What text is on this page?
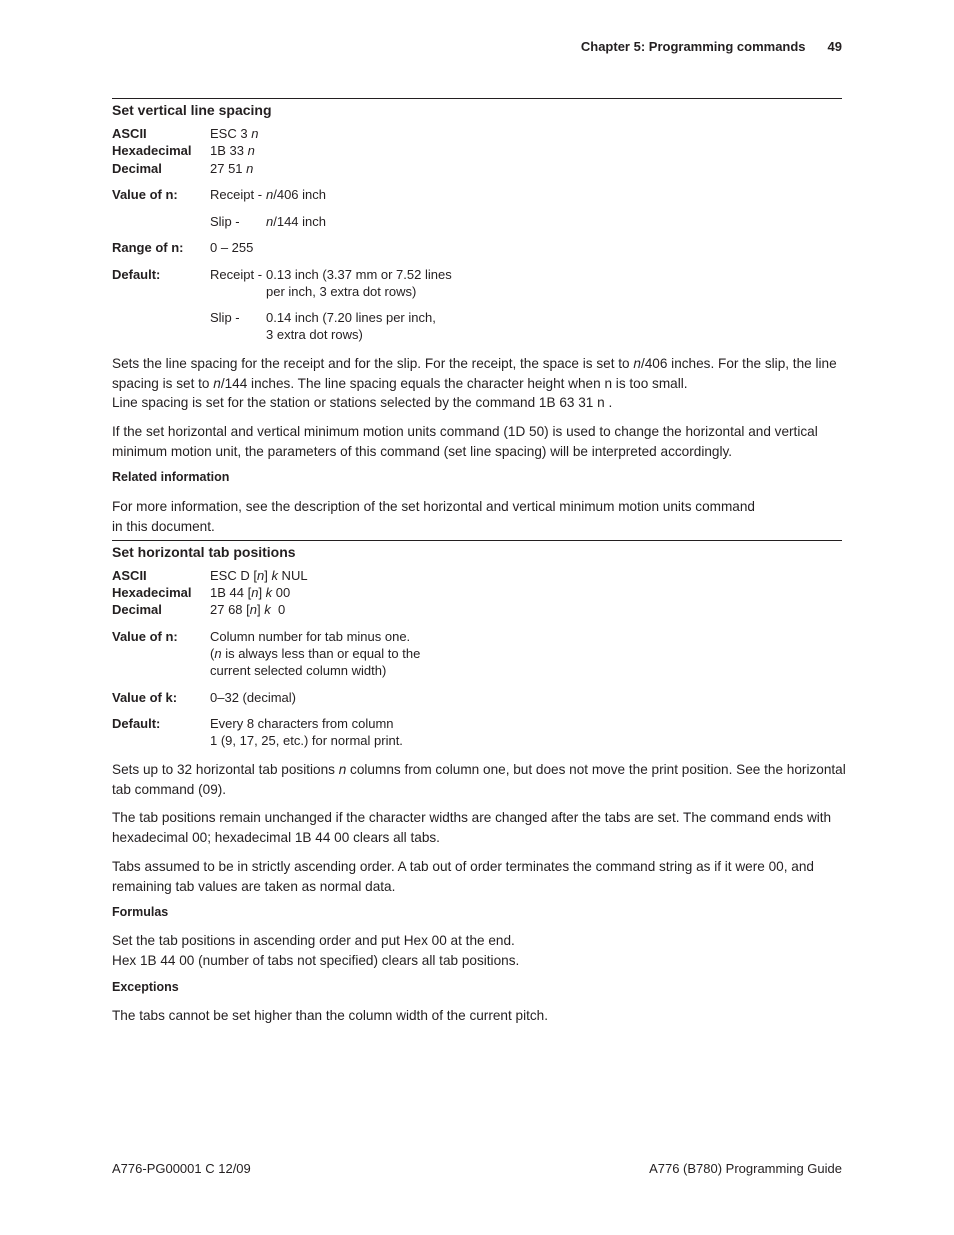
Chapter 5: Programming commands 49
Set vertical line spacing
ASCII	ESC 3 n
Hexadecimal 1B 33 n
Decimal	27 51 n
Value of n: Receipt - n/406 inch
Slip - n/144 inch
Range of n: 0 – 255
Default:	Receipt - 0.13 inch (3.37 mm or 7.52 lines
per inch, 3 extra dot rows)
Slip - 0.14 inch (7.20 lines per inch,
3 extra dot rows)

Sets the line spacing for the receipt and for the slip. For the receipt, the space is set to n/406 inches. For the slip, the line

spacing is set to n/144 inches. The line spacing equals the character height when n is too small.

Line spacing is set for the station or stations selected by the command 1B 63 31 n .

If the set horizontal and vertical minimum motion units command (1D 50) is used to change the horizontal and vertical minimum motion unit, the parameters of this command (set line spacing) will be interpreted accordingly.
Related information

For more information, see the description of the set horizontal and vertical minimum motion units command

in this document.

Set horizontal tab positions
ASCII	ESC D [n] k NUL
Hexadecimal 1B 44 [n] k 00
Decimal	27 68 [n] k  0
Value of n: Column number for tab minus one.
(n is always less than or equal to the
current selected column width)
Value of k:	0–32 (decimal)
Default:	Every 8 characters from column
1 (9, 17, 25, etc.) for normal print.
Sets up to 32 horizontal tab positions n columns from column one, but does not move the print position. See the horizontal tab command (09).
The tab positions remain unchanged if the character widths are changed after the tabs are set. The command ends with hexadecimal 00; hexadecimal 1B 44 00 clears all tabs.
Tabs assumed to be in strictly ascending order. A tab out of order terminates the command string as if it were 00, and remaining tab values are taken as normal data.
Formulas

Set the tab positions in ascending order and put Hex 00 at the end.

Hex 1B 44 00 (number of tabs not specified) clears all tab positions.

Exceptions
The tabs cannot be set higher than the column width of the current pitch.
A776-PG00001 C 12/09	A776 (B780) Programming Guide
